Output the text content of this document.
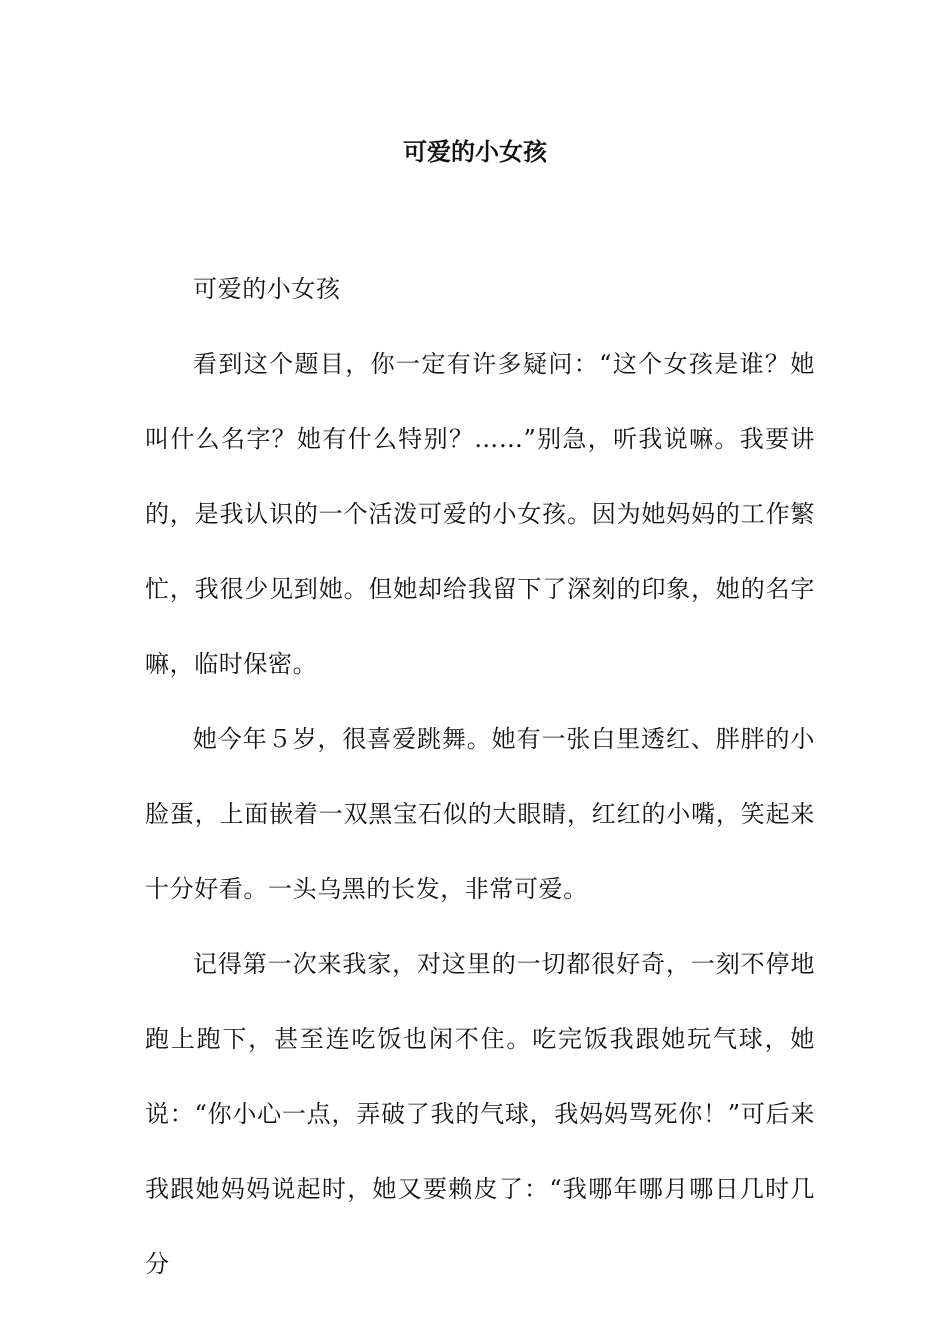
可爱的小女孩

可爱的小女孩

看到这个题目，你一定有许多疑问：“这个女孩是谁？她叫什么名字？她有什么特别？……”别急，听我说嘛。我要讲的，是我认识的一个活泼可爱的小女孩。因为她妈妈的工作繁忙，我很少见到她。但她却给我留下了深刻的印象，她的名字嘛，临时保密。

她今年５岁，很喜爱跳舞。她有一张白里透红、胖胖的小脸蛋，上面嵌着一双黑宝石似的大眼睛，红红的小嘴，笑起来十分好看。一头乌黑的长发，非常可爱。

记得第一次来我家，对这里的一切都很好奇，一刻不停地跑上跑下，甚至连吃饭也闲不住。吃完饭我跟她玩气球，她说：“你小心一点，弄破了我的气球，我妈妈骂死你！”可后来我跟她妈妈说起时，她又要赖皮了：“我哪年哪月哪日几时几分
